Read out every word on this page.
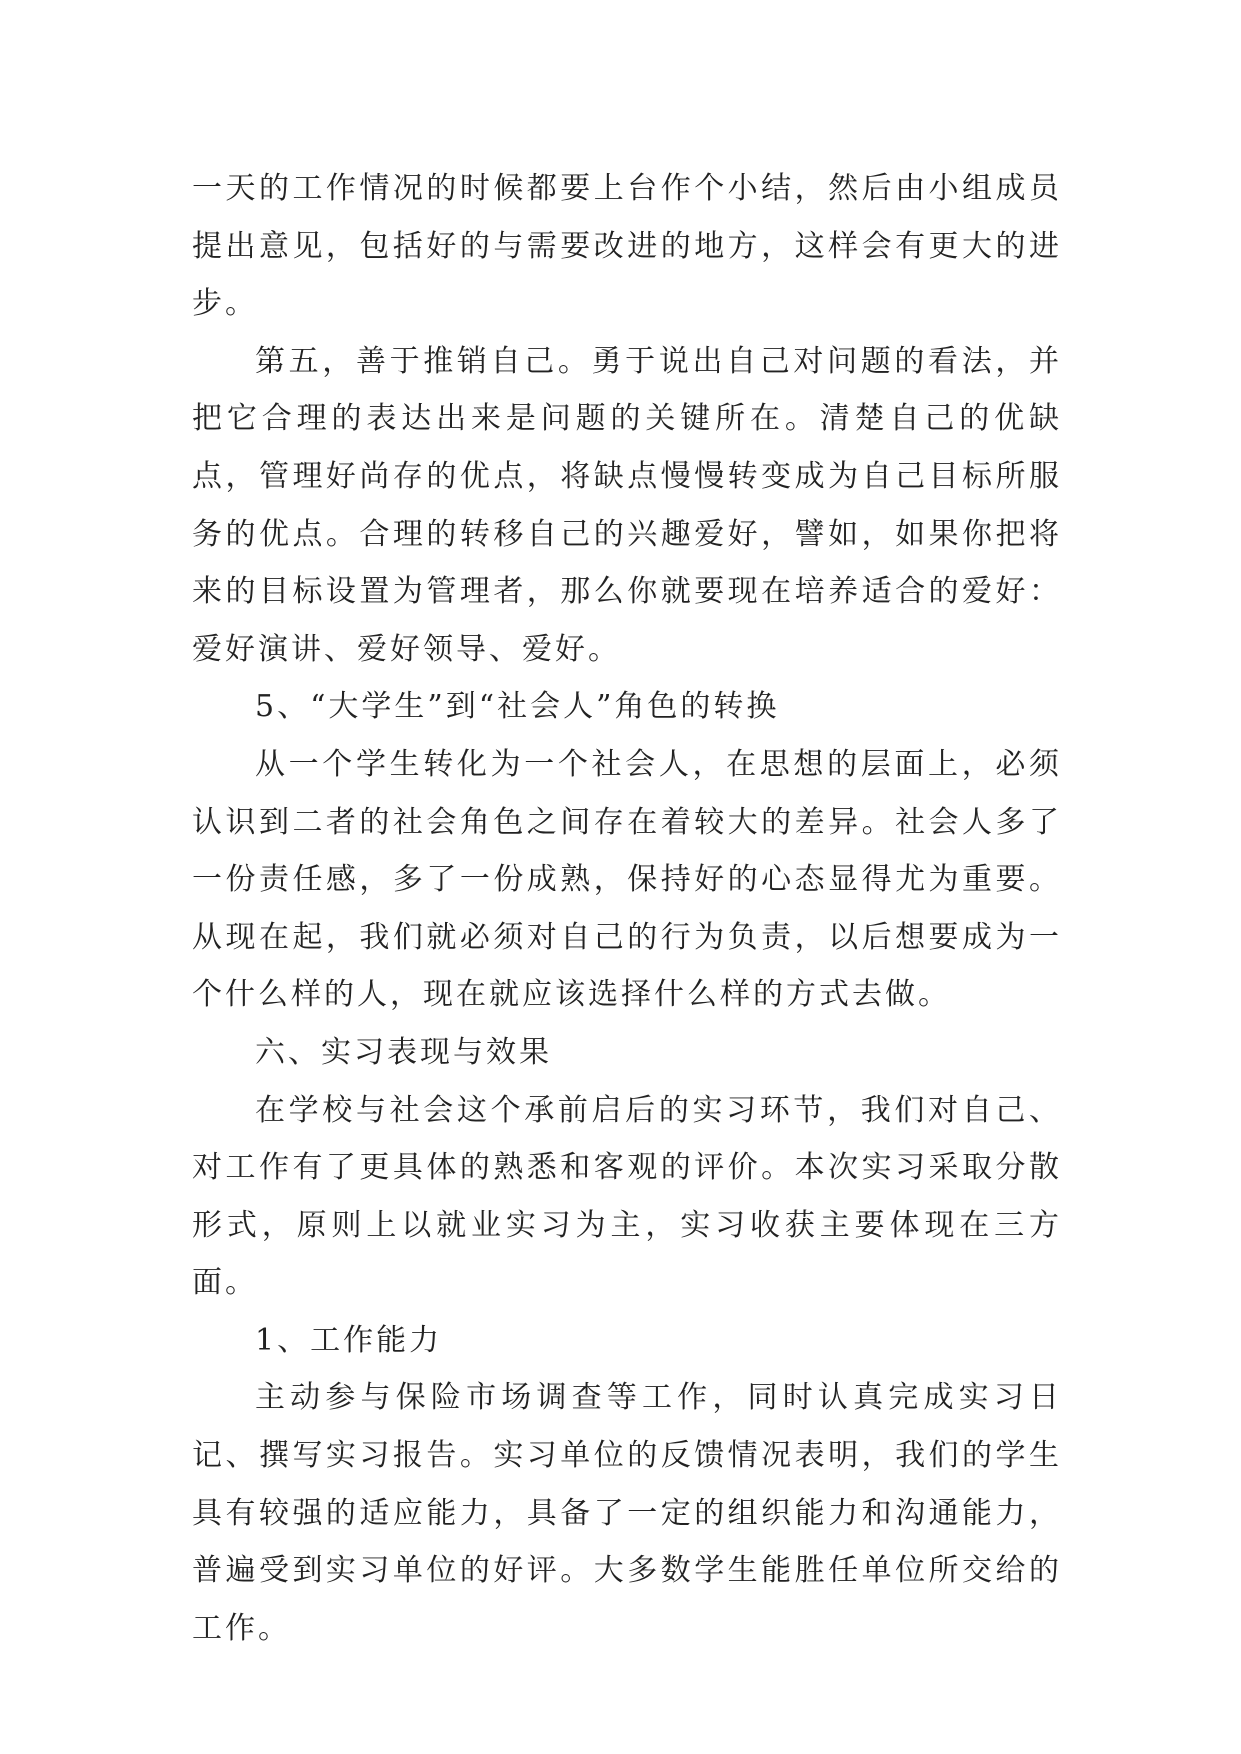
一天的工作情况的时候都要上台作个小结，然后由小组成员提出意见，包括好的与需要改进的地方，这样会有更大的进步。

第五，善于推销自己。勇于说出自己对问题的看法，并把它合理的表达出来是问题的关键所在。清楚自己的优缺点，管理好尚存的优点，将缺点慢慢转变成为自己目标所服务的优点。合理的转移自己的兴趣爱好，譬如，如果你把将来的目标设置为管理者，那么你就要现在培养适合的爱好：爱好演讲、爱好领导、爱好。

5、“大学生”到“社会人”角色的转换

从一个学生转化为一个社会人，在思想的层面上，必须认识到二者的社会角色之间存在着较大的差异。社会人多了一份责任感，多了一份成熟，保持好的心态显得尤为重要。从现在起，我们就必须对自己的行为负责，以后想要成为一个什么样的人，现在就应该选择什么样的方式去做。

六、实习表现与效果

在学校与社会这个承前启后的实习环节，我们对自己、对工作有了更具体的熟悉和客观的评价。本次实习采取分散形式，原则上以就业实习为主，实习收获主要体现在三方面。

1、工作能力

主动参与保险市场调查等工作，同时认真完成实习日记、撰写实习报告。实习单位的反馈情况表明，我们的学生具有较强的适应能力，具备了一定的组织能力和沟通能力，普遍受到实习单位的好评。大多数学生能胜任单位所交给的工作。
